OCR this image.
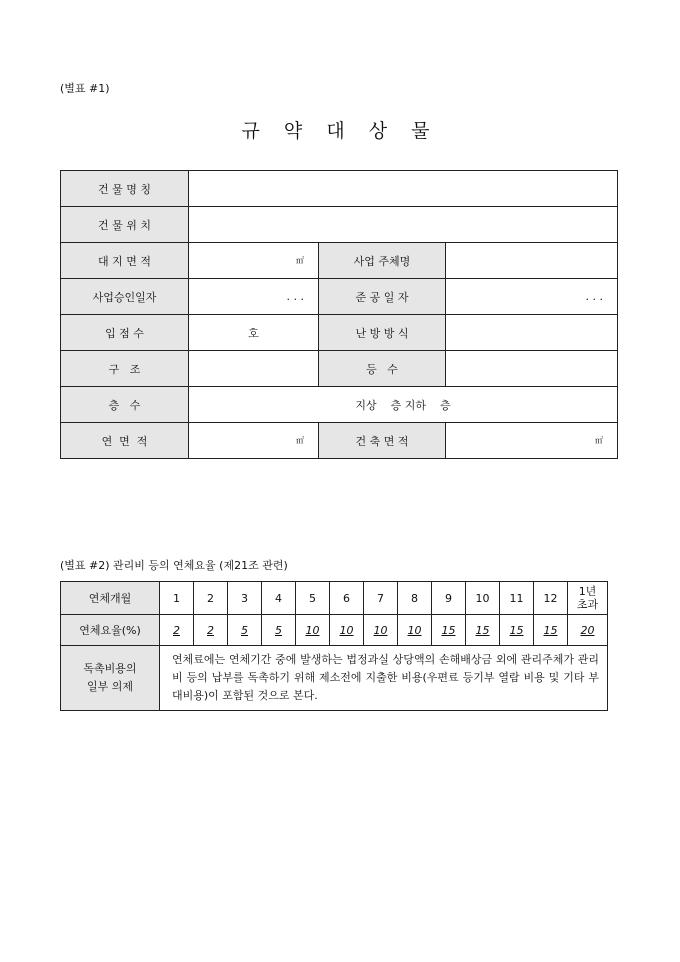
(별표 #1)
규 약 대 상 물
건 물 명 칭			
건 물 위 치			
대 지 면 적	㎡	사업 주체명	
사업승인일자	. . .	준 공 일 자	. . .
입 점 수	호	난 방 방 식	
구   조		등   수	
층   수	지상    층 지하    층		
연  면  적	㎡	건 축 면 적	㎡
(별표 #2) 관리비 등의 연체요율 (제21조 관련)
연체개월	1	2	3	4	5	6	7	8	9	10	11	12	1년
초과

연체요율(%)	2	2	5	5	10	10	10	10	15	15	15	15	20

독촉비용의
일부 의제	연체료에는 연체기간 중에 발생하는 법정과실 상당액의 손해배상금 외에 관리주체가 관리비 등의 납부를 독촉하기 위해 제소전에 지출한 비용(우편료 등기부 열람 비용 및 기타 부대비용)이 포함된 것으로 본다.												
